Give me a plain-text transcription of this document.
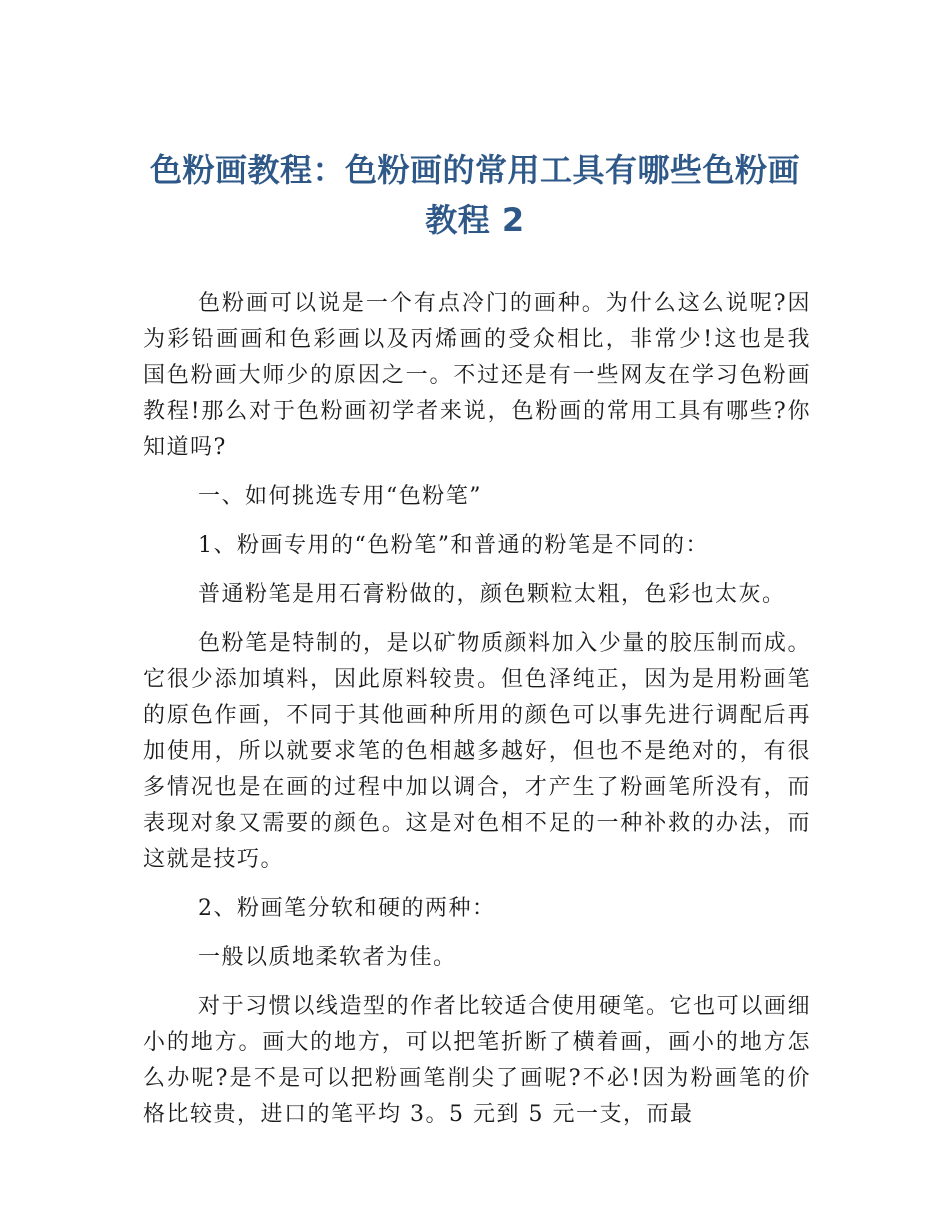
色粉画教程：色粉画的常用工具有哪些色粉画教程 2

色粉画可以说是一个有点冷门的画种。为什么这么说呢?因为彩铅画画和色彩画以及丙烯画的受众相比，非常少!这也是我国色粉画大师少的原因之一。不过还是有一些网友在学习色粉画教程!那么对于色粉画初学者来说，色粉画的常用工具有哪些?你知道吗?

一、如何挑选专用“色粉笔”

1、粉画专用的“色粉笔”和普通的粉笔是不同的：

普通粉笔是用石膏粉做的，颜色颗粒太粗，色彩也太灰。

色粉笔是特制的，是以矿物质颜料加入少量的胶压制而成。它很少添加填料，因此原料较贵。但色泽纯正，因为是用粉画笔的原色作画，不同于其他画种所用的颜色可以事先进行调配后再加使用，所以就要求笔的色相越多越好，但也不是绝对的，有很多情况也是在画的过程中加以调合，才产生了粉画笔所没有，而表现对象又需要的颜色。这是对色相不足的一种补救的办法，而这就是技巧。

2、粉画笔分软和硬的两种：

一般以质地柔软者为佳。

对于习惯以线造型的作者比较适合使用硬笔。它也可以画细小的地方。画大的地方，可以把笔折断了横着画，画小的地方怎么办呢?是不是可以把粉画笔削尖了画呢?不必!因为粉画笔的价格比较贵，进口的笔平均 3。5 元到 5 元一支，而最
